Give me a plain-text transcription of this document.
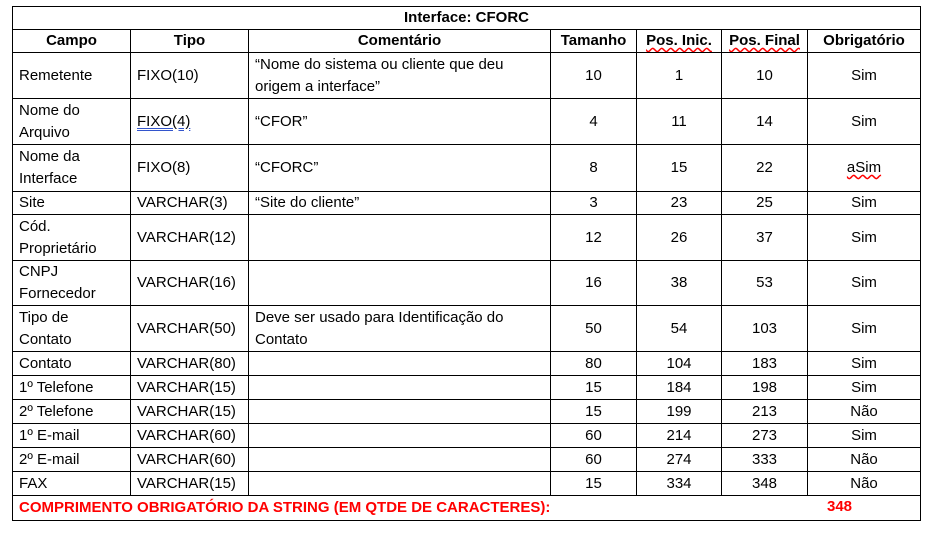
Interface: CFORC						
Campo	Tipo	Comentário	Tamanho	Pos. Inic.	Pos. Final	Obrigatório
Remetente	FIXO(10)	“Nome do sistema ou cliente que deu origem a interface”	10	1	10	Sim
Nome do Arquivo	FIXO(4)	“CFOR”	4	11	14	Sim
Nome da Interface	FIXO(8)	“CFORC”	8	15	22	aSim
Site	VARCHAR(3)	“Site do cliente”	3	23	25	Sim
Cód. Proprietário	VARCHAR(12)		12	26	37	Sim
CNPJ Fornecedor	VARCHAR(16)		16	38	53	Sim
Tipo de Contato	VARCHAR(50)	Deve ser usado para Identificação do Contato	50	54	103	Sim
Contato	VARCHAR(80)		80	104	183	Sim
1º Telefone	VARCHAR(15)		15	184	198	Sim
2º Telefone	VARCHAR(15)		15	199	213	Não
1º E-mail	VARCHAR(60)		60	214	273	Sim
2º E-mail	VARCHAR(60)		60	274	333	Não
FAX	VARCHAR(15)		15	334	348	Não
COMPRIMENTO OBRIGATÓRIO DA STRING (EM QTDE DE CARACTERES): 348						
